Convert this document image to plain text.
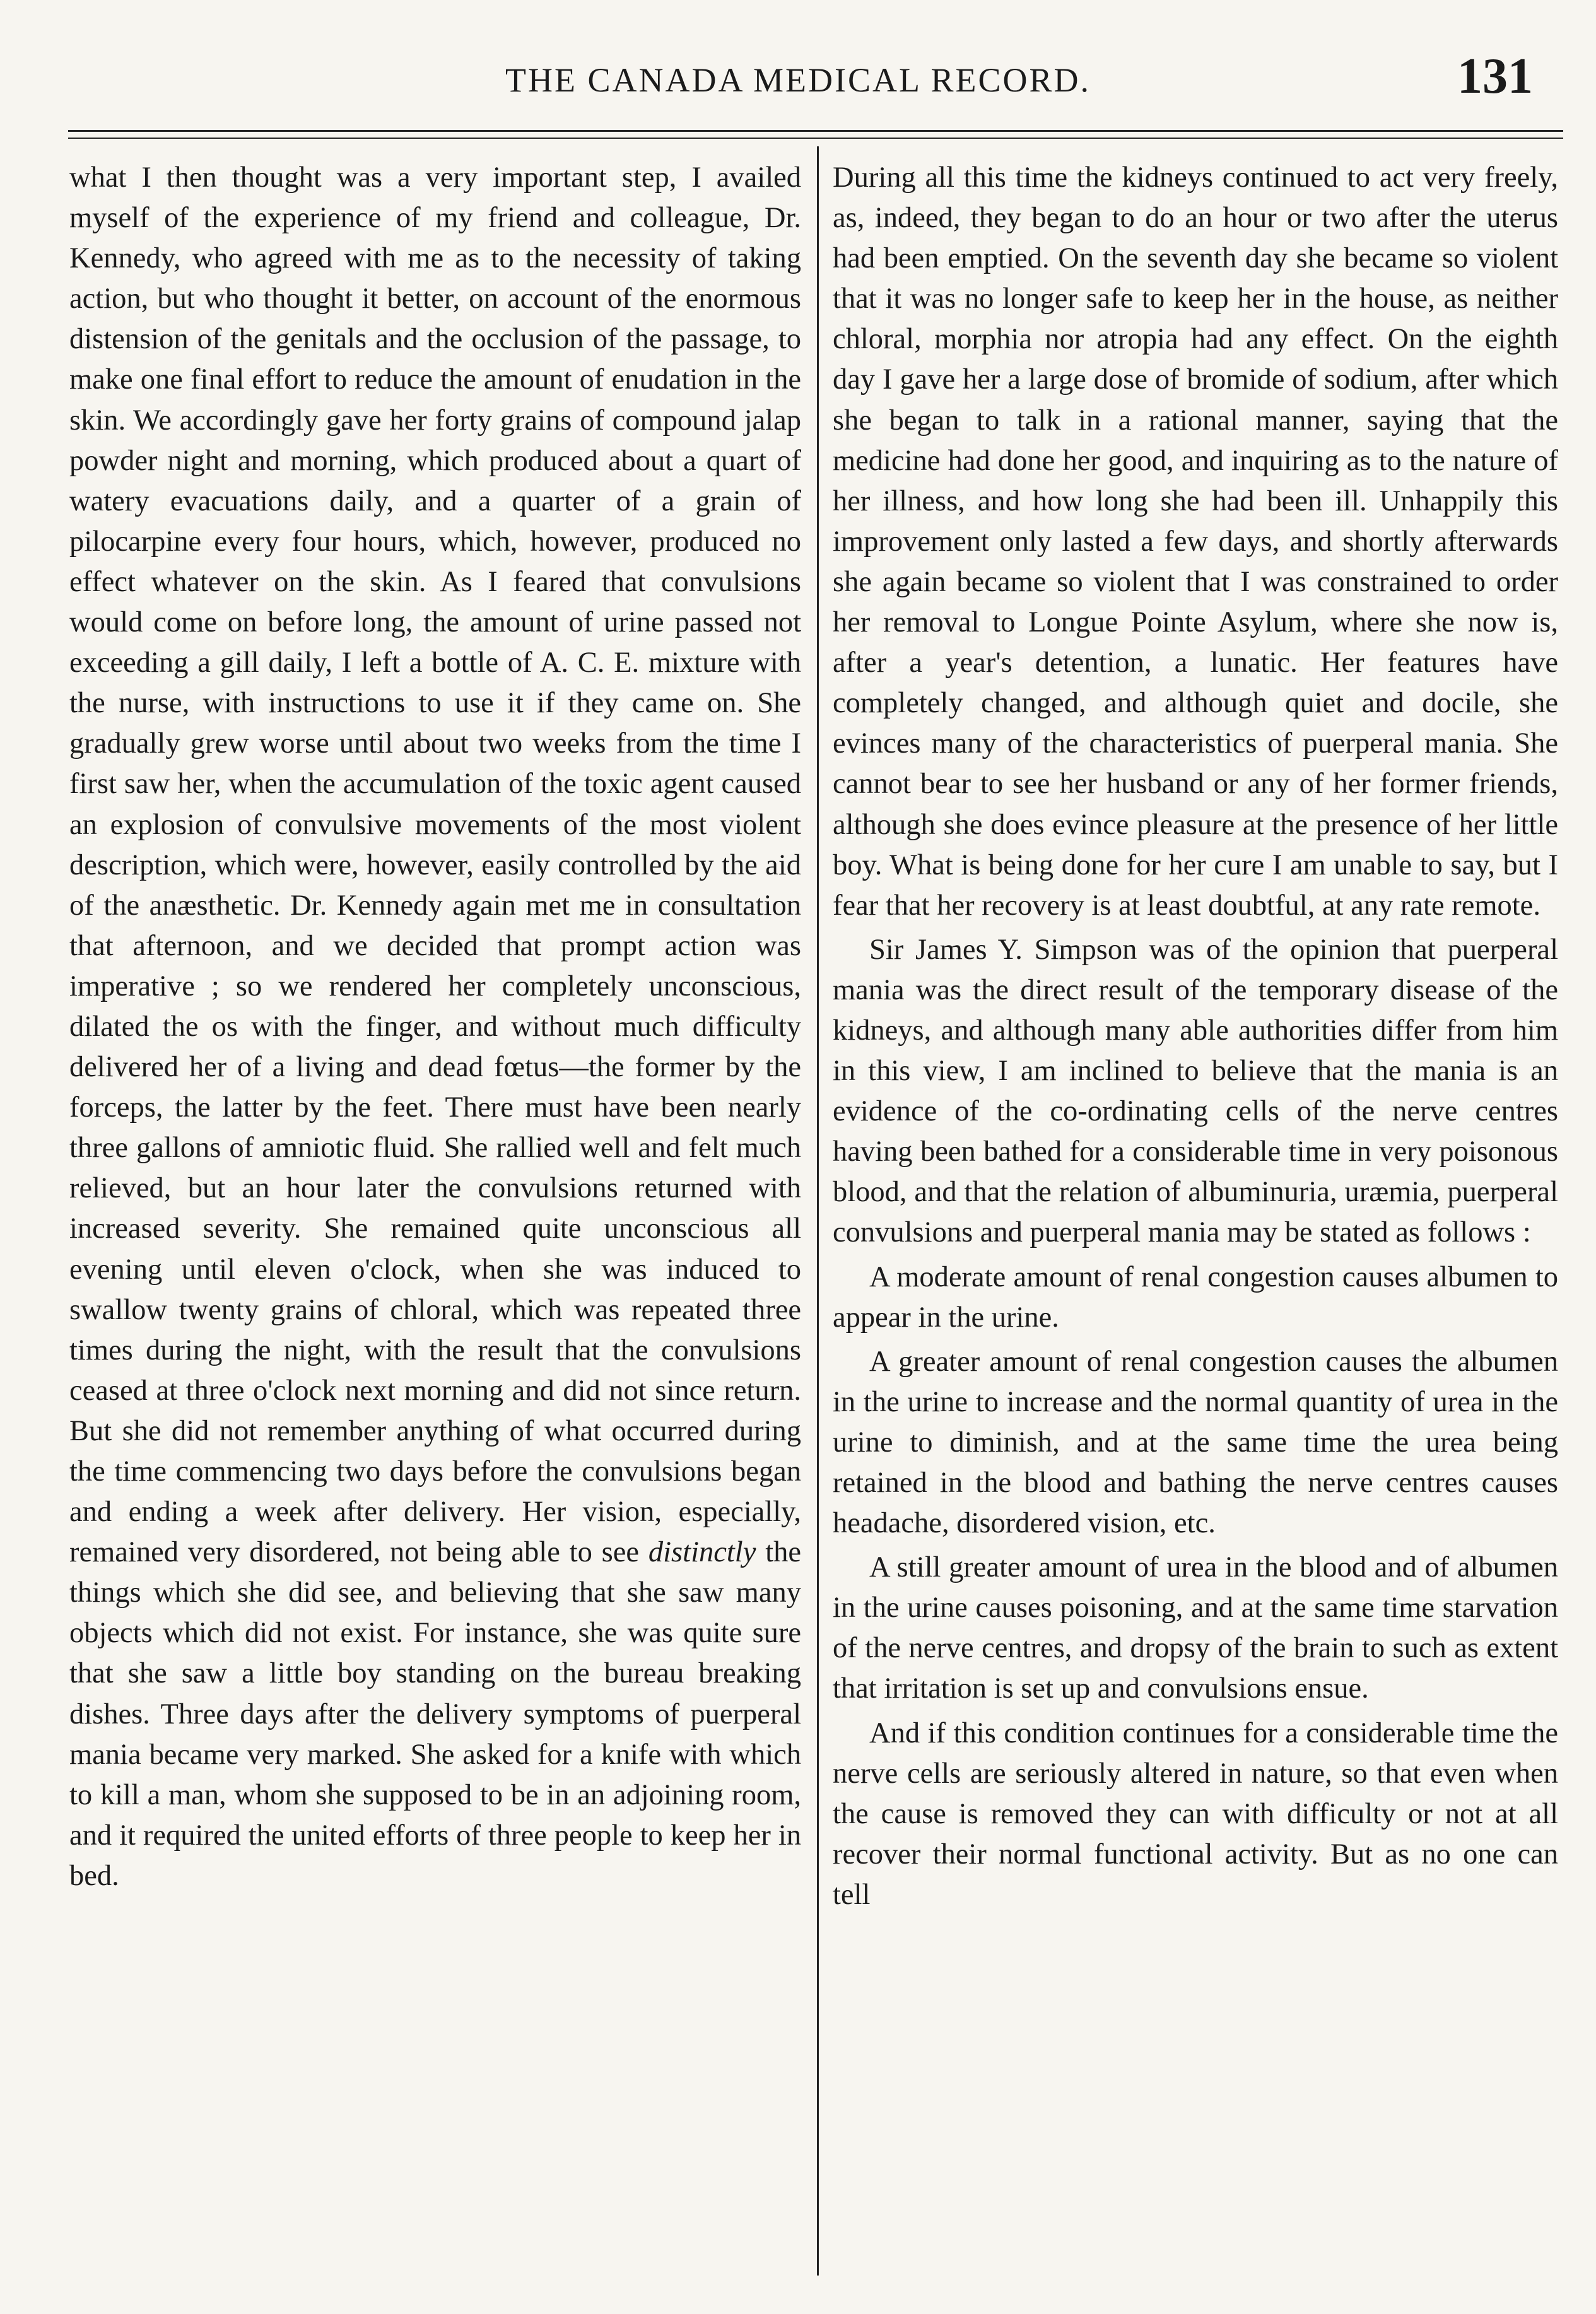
THE CANADA MEDICAL RECORD.	131

what I then thought was a very important step, I availed myself of the experience of my friend and colleague, Dr. Kennedy, who agreed with me as to the necessity of taking action, but who thought it better, on account of the enormous distension of the genitals and the occlusion of the passage, to make one final effort to reduce the amount of enudation in the skin. We accordingly gave her forty grains of compound jalap powder night and morning, which produced about a quart of watery evacuations daily, and a quarter of a grain of pilocarpine every four hours, which, however, produced no effect whatever on the skin. As I feared that convulsions would come on before long, the amount of urine passed not exceeding a gill daily, I left a bottle of A. C. E. mixture with the nurse, with instructions to use it if they came on. She gradually grew worse until about two weeks from the time I first saw her, when the accumulation of the toxic agent caused an explosion of convulsive movements of the most violent description, which were, however, easily controlled by the aid of the anæsthetic. Dr. Kennedy again met me in consultation that afternoon, and we decided that prompt action was imperative ; so we rendered her completely unconscious, dilated the os with the finger, and without much difficulty delivered her of a living and dead fœtus—the former by the forceps, the latter by the feet. There must have been nearly three gallons of amniotic fluid. She rallied well and felt much relieved, but an hour later the convulsions returned with increased severity. She remained quite unconscious all evening until eleven o'clock, when she was induced to swallow twenty grains of chloral, which was repeated three times during the night, with the result that the convulsions ceased at three o'clock next morning and did not since return. But she did not remember anything of what occurred during the time commencing two days before the convulsions began and ending a week after delivery. Her vision, especially, remained very disordered, not being able to see distinctly the things which she did see, and believing that she saw many objects which did not exist. For instance, she was quite sure that she saw a little boy standing on the bureau breaking dishes. Three days after the delivery symptoms of puerperal mania became very marked. She asked for a knife with which to kill a man, whom she supposed to be in an adjoining room, and it required the united efforts of three people to keep her in bed.

During all this time the kidneys continued to act very freely, as, indeed, they began to do an hour or two after the uterus had been emptied. On the seventh day she became so violent that it was no longer safe to keep her in the house, as neither chloral, morphia nor atropia had any effect. On the eighth day I gave her a large dose of bromide of sodium, after which she began to talk in a rational manner, saying that the medicine had done her good, and inquiring as to the nature of her illness, and how long she had been ill. Unhappily this improvement only lasted a few days, and shortly afterwards she again became so violent that I was constrained to order her removal to Longue Pointe Asylum, where she now is, after a year's detention, a lunatic. Her features have completely changed, and although quiet and docile, she evinces many of the characteristics of puerperal mania. She cannot bear to see her husband or any of her former friends, although she does evince pleasure at the presence of her little boy. What is being done for her cure I am unable to say, but I fear that her recovery is at least doubtful, at any rate remote.

Sir James Y. Simpson was of the opinion that puerperal mania was the direct result of the temporary disease of the kidneys, and although many able authorities differ from him in this view, I am inclined to believe that the mania is an evidence of the co-ordinating cells of the nerve centres having been bathed for a considerable time in very poisonous blood, and that the relation of albuminuria, uræmia, puerperal convulsions and puerperal mania may be stated as follows :

A moderate amount of renal congestion causes albumen to appear in the urine.

A greater amount of renal congestion causes the albumen in the urine to increase and the normal quantity of urea in the urine to diminish, and at the same time the urea being retained in the blood and bathing the nerve centres causes headache, disordered vision, etc.

A still greater amount of urea in the blood and of albumen in the urine causes poisoning, and at the same time starvation of the nerve centres, and dropsy of the brain to such as extent that irritation is set up and convulsions ensue.

And if this condition continues for a considerable time the nerve cells are seriously altered in nature, so that even when the cause is removed they can with difficulty or not at all recover their normal functional activity. But as no one can tell
